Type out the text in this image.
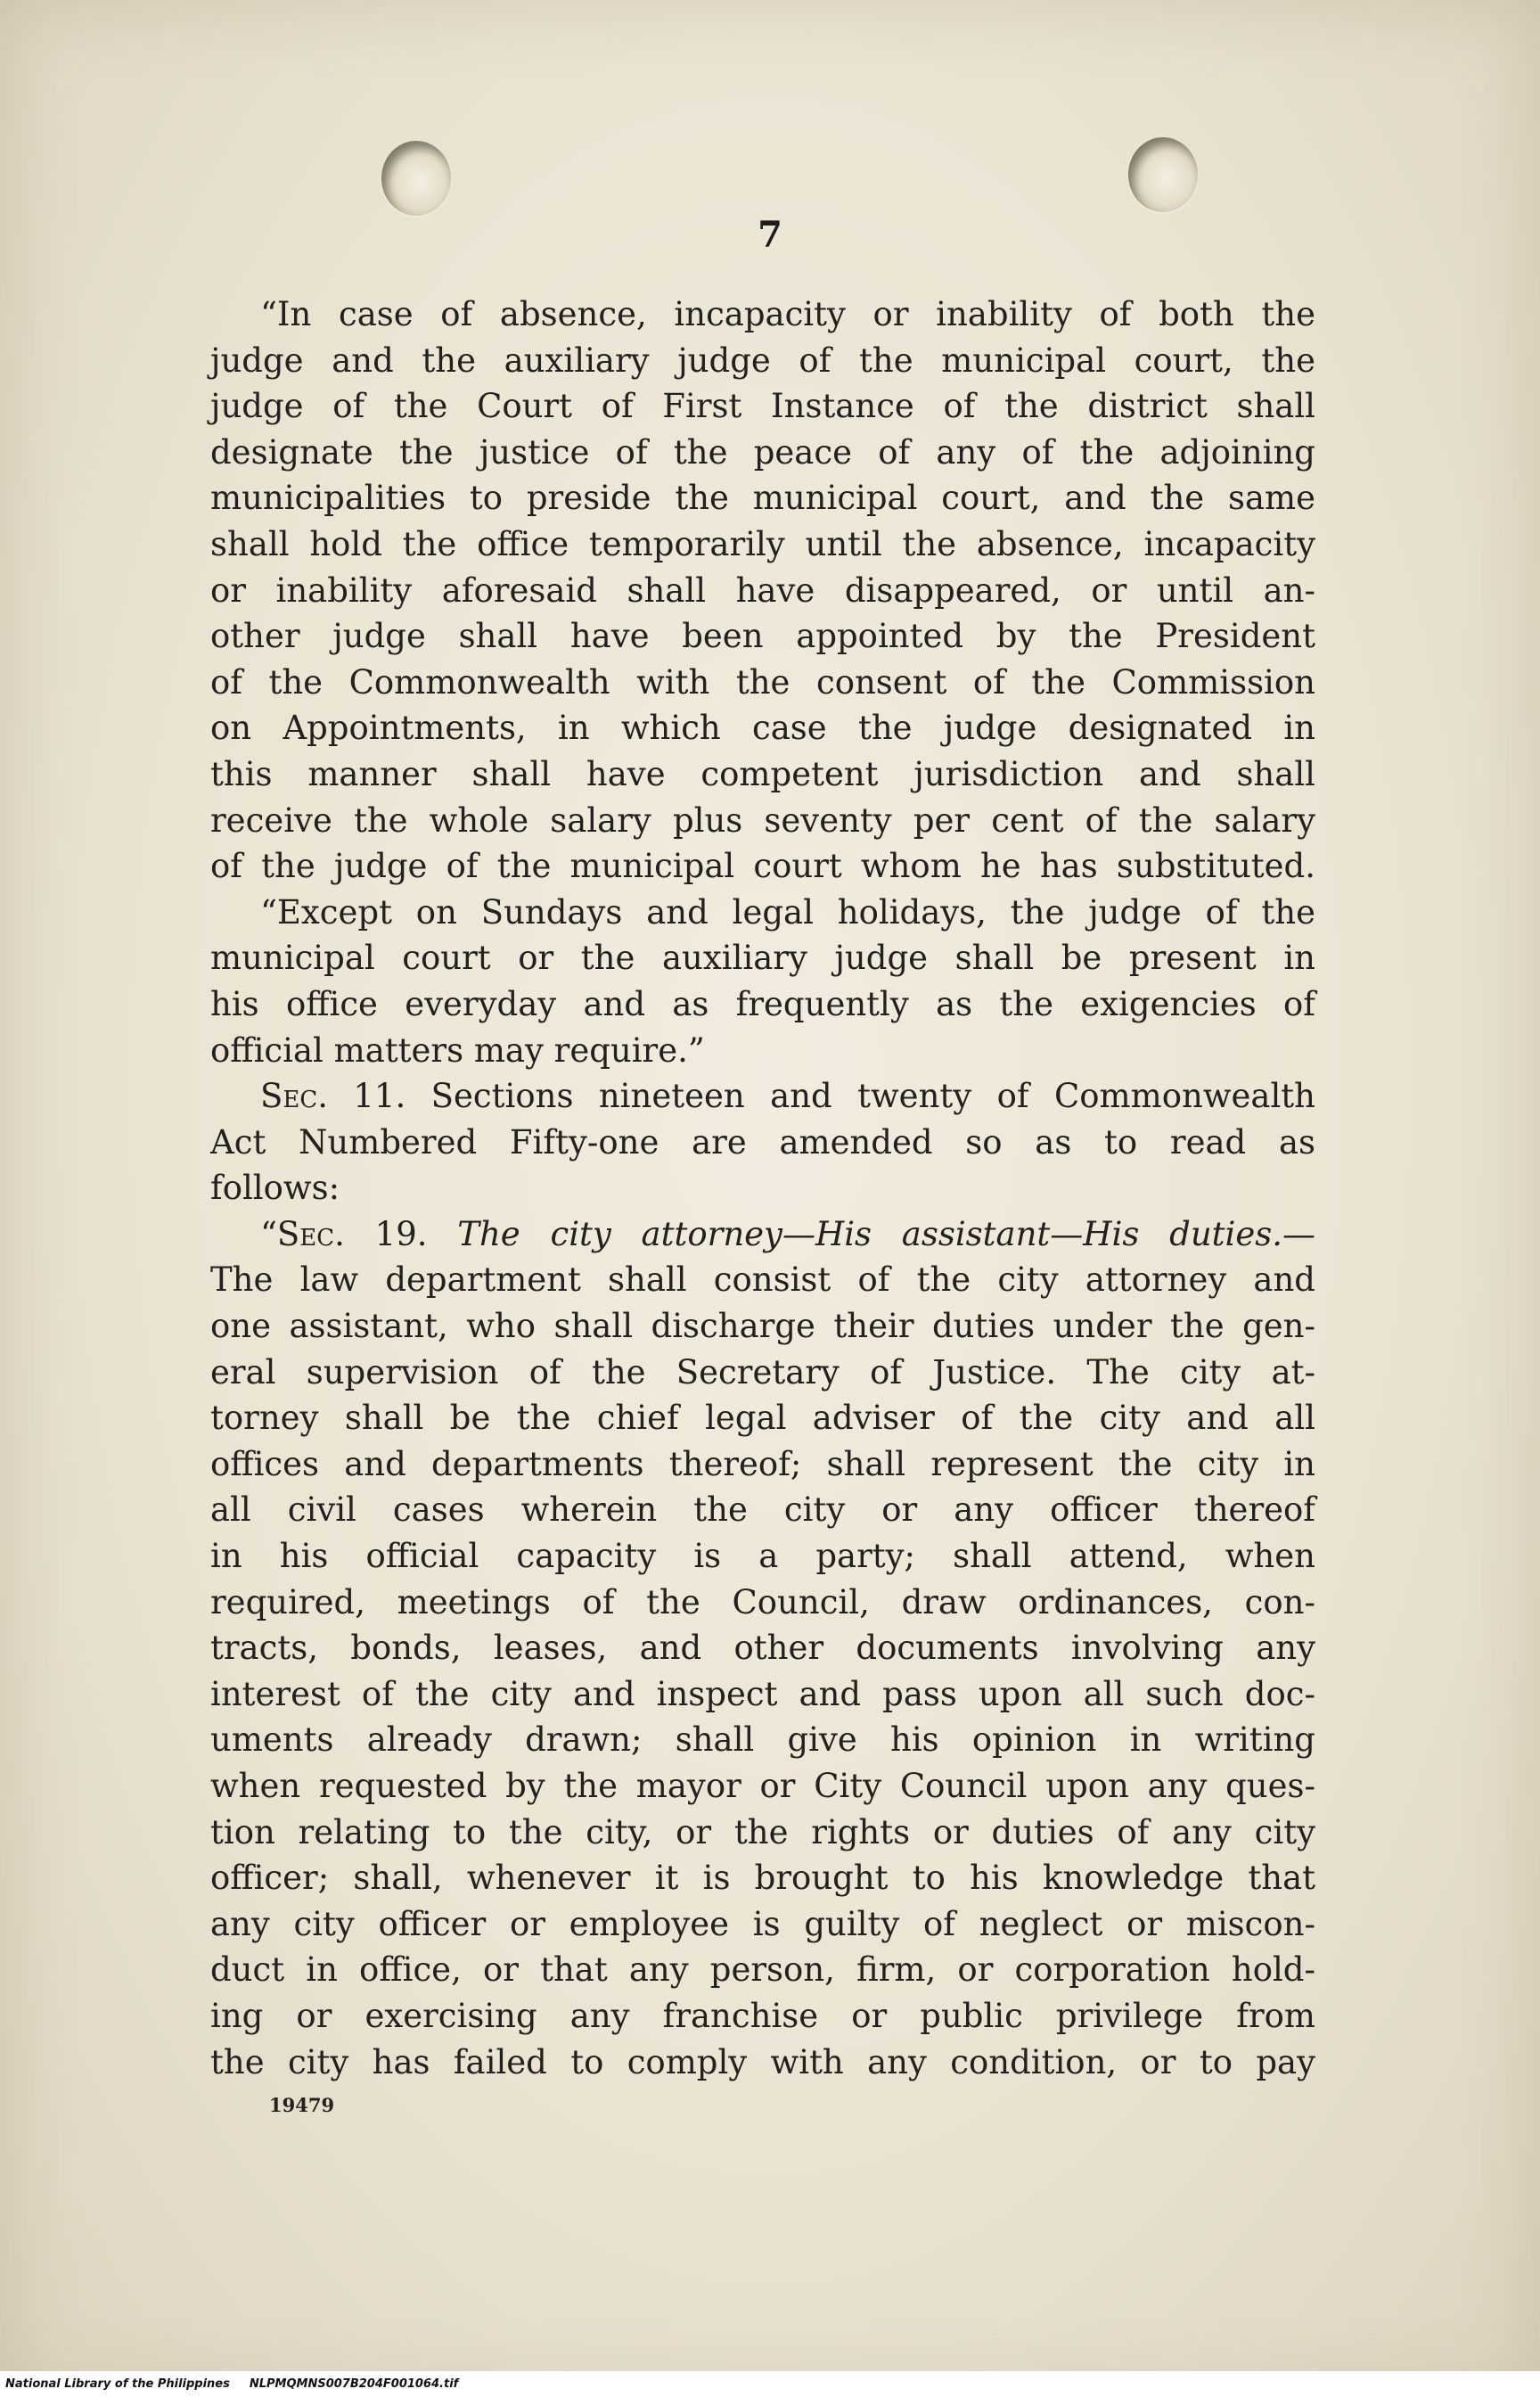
7
“In case of absence, incapacity or inability of both the
judge and the auxiliary judge of the municipal court, the
judge of the Court of First Instance of the district shall
designate the justice of the peace of any of the adjoining
municipalities to preside the municipal court, and the same
shall hold the office temporarily until the absence, incapacity
or inability aforesaid shall have disappeared, or until an-
other judge shall have been appointed by the President
of the Commonwealth with the consent of the Commission
on Appointments, in which case the judge designated in
this manner shall have competent jurisdiction and shall
receive the whole salary plus seventy per cent of the salary
of the judge of the municipal court whom he has substituted.
“Except on Sundays and legal holidays, the judge of the
municipal court or the auxiliary judge shall be present in
his office everyday and as frequently as the exigencies of
official matters may require.”
Sec. 11. Sections nineteen and twenty of Commonwealth
Act Numbered Fifty-one are amended so as to read as
follows:
“Sec. 19. The city attorney—His assistant—His duties.—
The law department shall consist of the city attorney and
one assistant, who shall discharge their duties under the gen-
eral supervision of the Secretary of Justice. The city at-
torney shall be the chief legal adviser of the city and all
offices and departments thereof; shall represent the city in
all civil cases wherein the city or any officer thereof
in his official capacity is a party; shall attend, when
required, meetings of the Council, draw ordinances, con-
tracts, bonds, leases, and other documents involving any
interest of the city and inspect and pass upon all such doc-
uments already drawn; shall give his opinion in writing
when requested by the mayor or City Council upon any ques-
tion relating to the city, or the rights or duties of any city
officer; shall, whenever it is brought to his knowledge that
any city officer or employee is guilty of neglect or miscon-
duct in office, or that any person, firm, or corporation hold-
ing or exercising any franchise or public privilege from
the city has failed to comply with any condition, or to pay
19479
National Library of the Philippines NLPMQMNS007B204F001064.tif
